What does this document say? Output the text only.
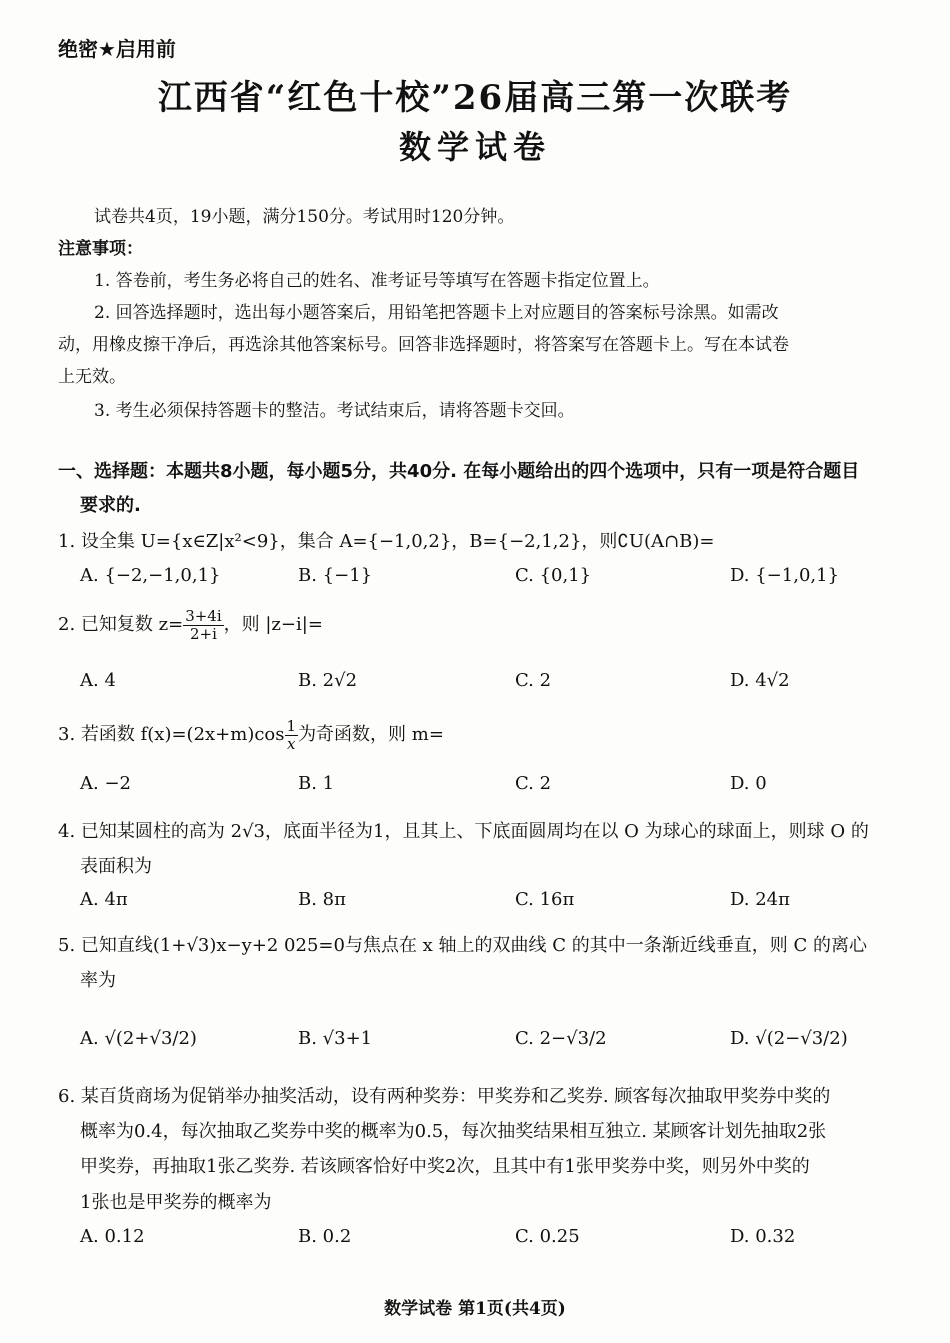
绝密★启用前
江西省“红色十校”26届高三第一次联考
数学试卷
试卷共4页，19小题，满分150分。考试用时120分钟。
注意事项：
1. 答卷前，考生务必将自己的姓名、准考证号等填写在答题卡指定位置上。
2. 回答选择题时，选出每小题答案后，用铅笔把答题卡上对应题目的答案标号涂黑。如需改
动，用橡皮擦干净后，再选涂其他答案标号。回答非选择题时，将答案写在答题卡上。写在本试卷
上无效。
3. 考生必须保持答题卡的整洁。考试结束后，请将答题卡交回。
一、选择题：本题共8小题，每小题5分，共40分. 在每小题给出的四个选项中，只有一项是符合题目
要求的.
1. 设全集 U={x∈Z|x²<9}，集合 A={−1,0,2}，B={−2,1,2}，则∁U(A∩B)=
A. {−2,−1,0,1}	B. {−1}	C. {0,1}	D. {−1,0,1}
2. 已知复数 $z= \frac{3+4i}{2+i}$ ，则 |z−i|=
A. 4	B. 2√2	C. 2	D. 4√2
3. 若函数 $f(x)=(2x+m)\cos \frac{1}{x}$ 为奇函数，则 m=
A. −2	B. 1	C. 2	D. 0
4. 已知某圆柱的高为 2√3，底面半径为1，且其上、下底面圆周均在以 O 为球心的球面上，则球 O 的
表面积为
A. 4π	B. 8π	C. 16π	D. 24π
5. 已知直线(1+√3)x−y+2 025=0与焦点在 x 轴上的双曲线 C 的其中一条渐近线垂直，则 C 的离心
率为
A. √(2+√3/2)	B. √3+1	C. 2−√3/2	D. √(2−√3/2)
6. 某百货商场为促销举办抽奖活动，设有两种奖券：甲奖券和乙奖券. 顾客每次抽取甲奖券中奖的
概率为0.4，每次抽取乙奖券中奖的概率为0.5，每次抽奖结果相互独立. 某顾客计划先抽取2张
甲奖券，再抽取1张乙奖券. 若该顾客恰好中奖2次，且其中有1张甲奖券中奖，则另外中奖的
1张也是甲奖券的概率为
A. 0.12	B. 0.2	C. 0.25	D. 0.32
数学试卷 第1页(共4页)
